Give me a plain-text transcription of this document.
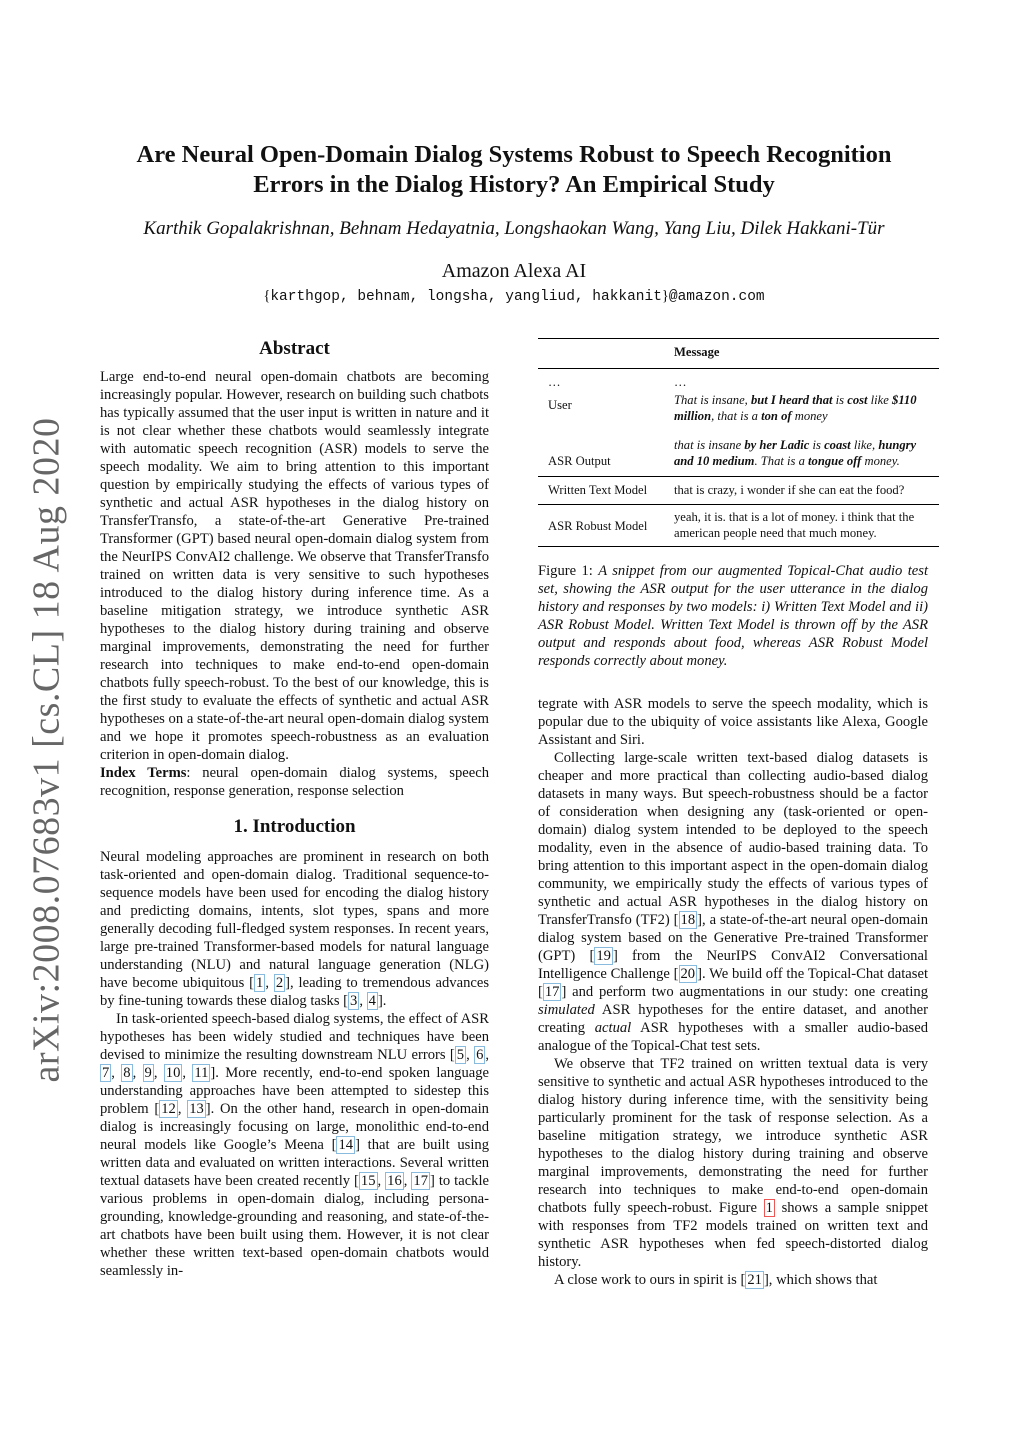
arXiv:2008.07683v1 [cs.CL] 18 Aug 2020
Are Neural Open-Domain Dialog Systems Robust to Speech Recognition Errors in the Dialog History? An Empirical Study
Karthik Gopalakrishnan, Behnam Hedayatnia, Longshaokan Wang, Yang Liu, Dilek Hakkani-Tür
Amazon Alexa AI
{karthgop, behnam, longsha, yangliud, hakkanit}@amazon.com
Abstract

Large end-to-end neural open-domain chatbots are becoming increasingly popular. However, research on building such chatbots has typically assumed that the user input is written in nature and it is not clear whether these chatbots would seamlessly integrate with automatic speech recognition (ASR) models to serve the speech modality. We aim to bring attention to this important question by empirically studying the effects of various types of synthetic and actual ASR hypotheses in the dialog history on TransferTransfo, a state-of-the-art Generative Pre-trained Transformer (GPT) based neural open-domain dialog system from the NeurIPS ConvAI2 challenge. We observe that TransferTransfo trained on written data is very sensitive to such hypotheses introduced to the dialog history during inference time. As a baseline mitigation strategy, we introduce synthetic ASR hypotheses to the dialog history during training and observe marginal improvements, demonstrating the need for further research into techniques to make end-to-end open-domain chatbots fully speech-robust. To the best of our knowledge, this is the first study to evaluate the effects of synthetic and actual ASR hypotheses on a state-of-the-art neural open-domain dialog system and we hope it promotes speech-robustness as an evaluation criterion in open-domain dialog.

Index Terms: neural open-domain dialog systems, speech recognition, response generation, response selection

1. Introduction

Neural modeling approaches are prominent in research on both task-oriented and open-domain dialog. Traditional sequence-to-sequence models have been used for encoding the dialog history and predicting domains, intents, slot types, spans and more generally decoding full-fledged system responses. In recent years, large pre-trained Transformer-based models for natural language understanding (NLU) and natural language generation (NLG) have become ubiquitous [ 1 , 2 ], leading to tremendous advances by fine-tuning towards these dialog tasks [ 3 , 4 ].

In task-oriented speech-based dialog systems, the effect of ASR hypotheses has been widely studied and techniques have been devised to minimize the resulting downstream NLU errors [ 5 , 6 , 7 , 8 , 9 , 10 , 11 ]. More recently, end-to-end spoken language understanding approaches have been attempted to sidestep this problem [ 12 , 13 ]. On the other hand, research in open-domain dialog is increasingly focusing on large, monolithic end-to-end neural models like Google’s Meena [ 14 ] that are built using written data and evaluated on written interactions. Several written textual datasets have been created recently [ 15 , 16 , 17 ] to tackle various problems in open-domain dialog, including persona-grounding, knowledge-grounding and reasoning, and state-of-the-art chatbots have been built using them. However, it is not clear whether these written text-based open-domain chatbots would seamlessly in-

	Message
…	…
User	That is insane, but I heard that is cost like $110 million, that is a ton of money
ASR Output	that is insane by her Ladic is coast like, hungry and 10 medium. That is a tongue off money.
Written Text Model	that is crazy, i wonder if she can eat the food?
ASR Robust Model	yeah, it is. that is a lot of money. i think that the american people need that much money.
Figure 1: A snippet from our augmented Topical-Chat audio test set, showing the ASR output for the user utterance in the dialog history and responses by two models: i) Written Text Model and ii) ASR Robust Model. Written Text Model is thrown off by the ASR output and responds about food, whereas ASR Robust Model responds correctly about money.

tegrate with ASR models to serve the speech modality, which is popular due to the ubiquity of voice assistants like Alexa, Google Assistant and Siri.

Collecting large-scale written text-based dialog datasets is cheaper and more practical than collecting audio-based dialog datasets in many ways. But speech-robustness should be a factor of consideration when designing any (task-oriented or open-domain) dialog system intended to be deployed to the speech modality, even in the absence of audio-based training data. To bring attention to this important aspect in the open-domain dialog community, we empirically study the effects of various types of synthetic and actual ASR hypotheses in the dialog history on TransferTransfo (TF2) [ 18 ], a state-of-the-art neural open-domain dialog system based on the Generative Pre-trained Transformer (GPT) [ 19 ] from the NeurIPS ConvAI2 Conversational Intelligence Challenge [ 20 ]. We build off the Topical-Chat dataset [ 17 ] and perform two augmentations in our study: one creating simulated ASR hypotheses for the entire dataset, and another creating actual ASR hypotheses with a smaller audio-based analogue of the Topical-Chat test sets.

We observe that TF2 trained on written textual data is very sensitive to synthetic and actual ASR hypotheses introduced to the dialog history during inference time, with the sensitivity being particularly prominent for the task of response selection. As a baseline mitigation strategy, we introduce synthetic ASR hypotheses to the dialog history during training and observe marginal improvements, demonstrating the need for further research into techniques to make end-to-end open-domain chatbots fully speech-robust. Figure 1 shows a sample snippet with responses from TF2 models trained on written text and synthetic ASR hypotheses when fed speech-distorted dialog history.

A close work to ours in spirit is [ 21 ], which shows that
